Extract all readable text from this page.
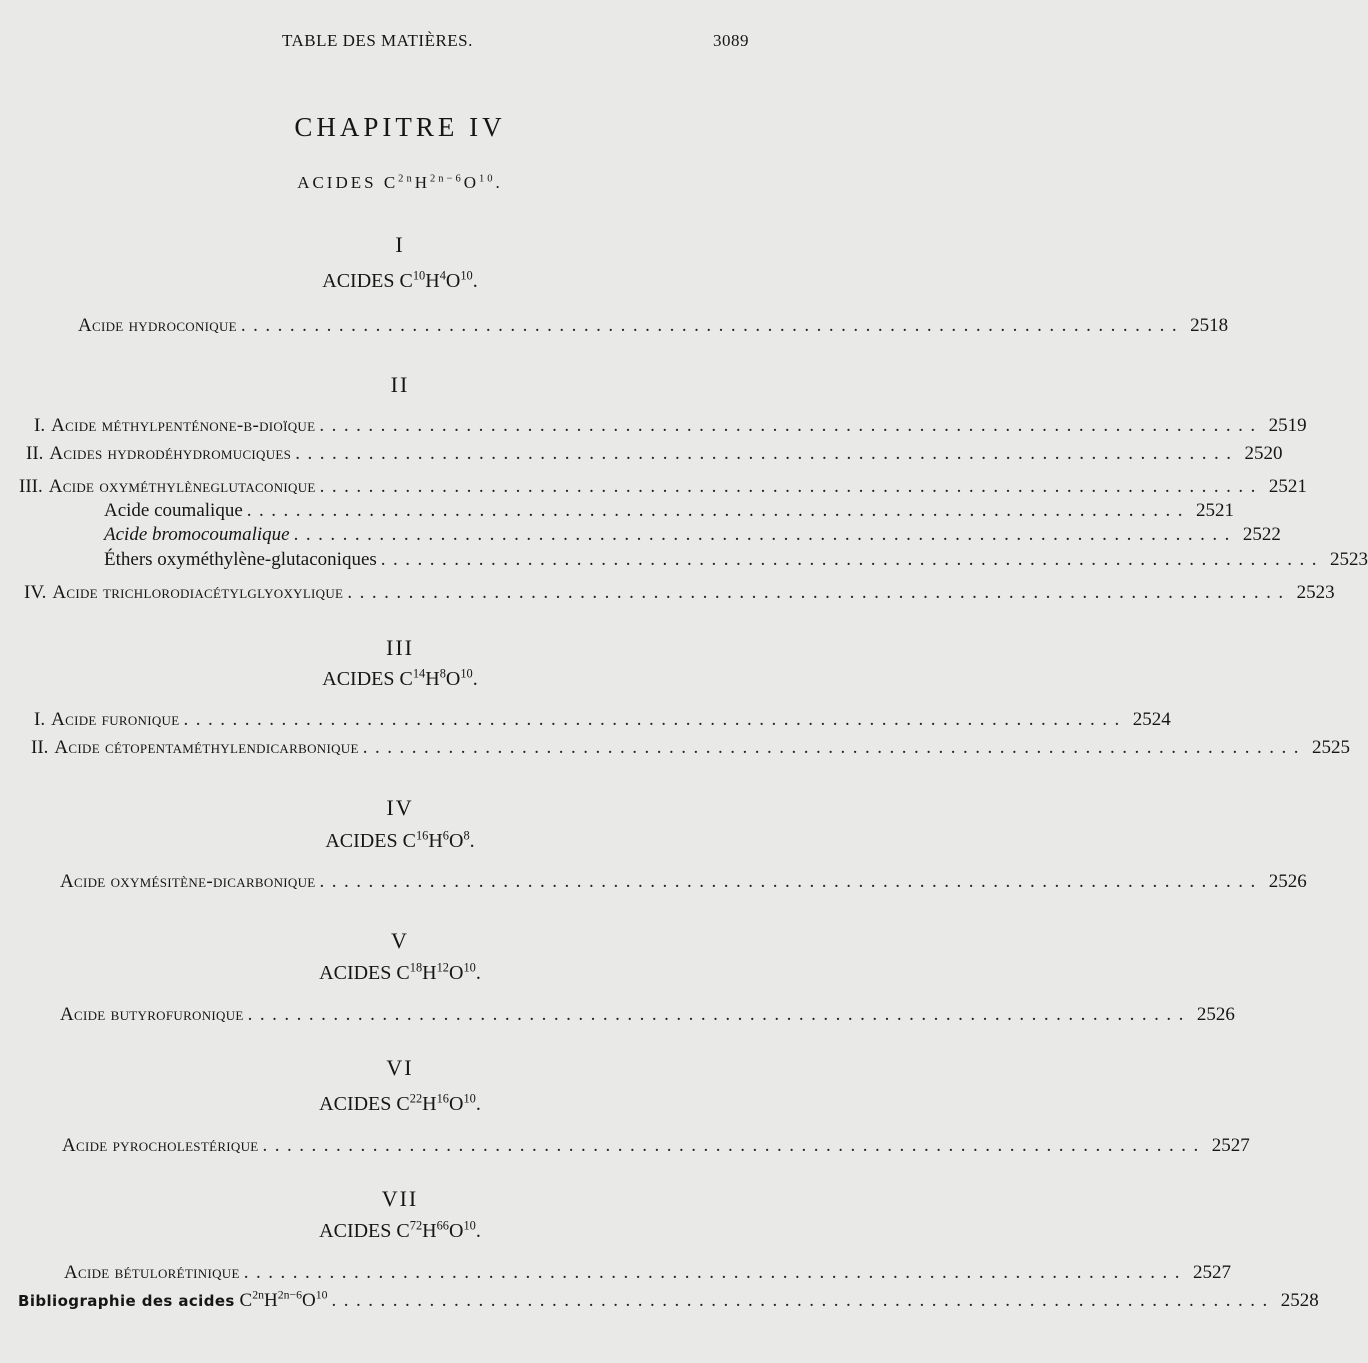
TABLE DES MATIÈRES.	3089
CHAPITRE IV
ACIDES $C^{2n}H^{2n-6}O^{10}$.
I
ACIDES $C^{10}H^4O^{10}$.
Acide hydroconique ............................................................................. 2518
II
I. Acide méthylpenténone-β-dioïque ............................................................................. 2519
II. Acides hydrodéhydromuciques ............................................................................. 2520
III. Acide oxyméthylèneglutaconique ............................................................................. 2521
Acide coumalique ............................................................................. 2521
Acide bromocoumalique ............................................................................. 2522
Éthers oxyméthylène-glutaconiques ............................................................................. 2523
IV. Acide trichlorodiacétylglyoxylique ............................................................................. 2523
III
ACIDES $C^{14}H^8O^{10}$.
I. Acide furonique ............................................................................. 2524
II. Acide cétopentaméthylendicarbonique ............................................................................. 2525
IV
ACIDES $C^{16}H^6O^8$.
Acide oxymésitène-dicarbonique ............................................................................. 2526
V
ACIDES $C^{18}H^{12}O^{10}$.
Acide butyrofuronique ............................................................................. 2526
VI
ACIDES $C^{22}H^{16}O^{10}$.
Acide pyrocholestérique ............................................................................. 2527
VII
ACIDES $C^{72}H^{66}O^{10}$.
Acide bétulorétinique ............................................................................. 2527
Bibliographie des acides $C^{2n}H^{2n-6}O^{10}$ ............................................................................. 2528
